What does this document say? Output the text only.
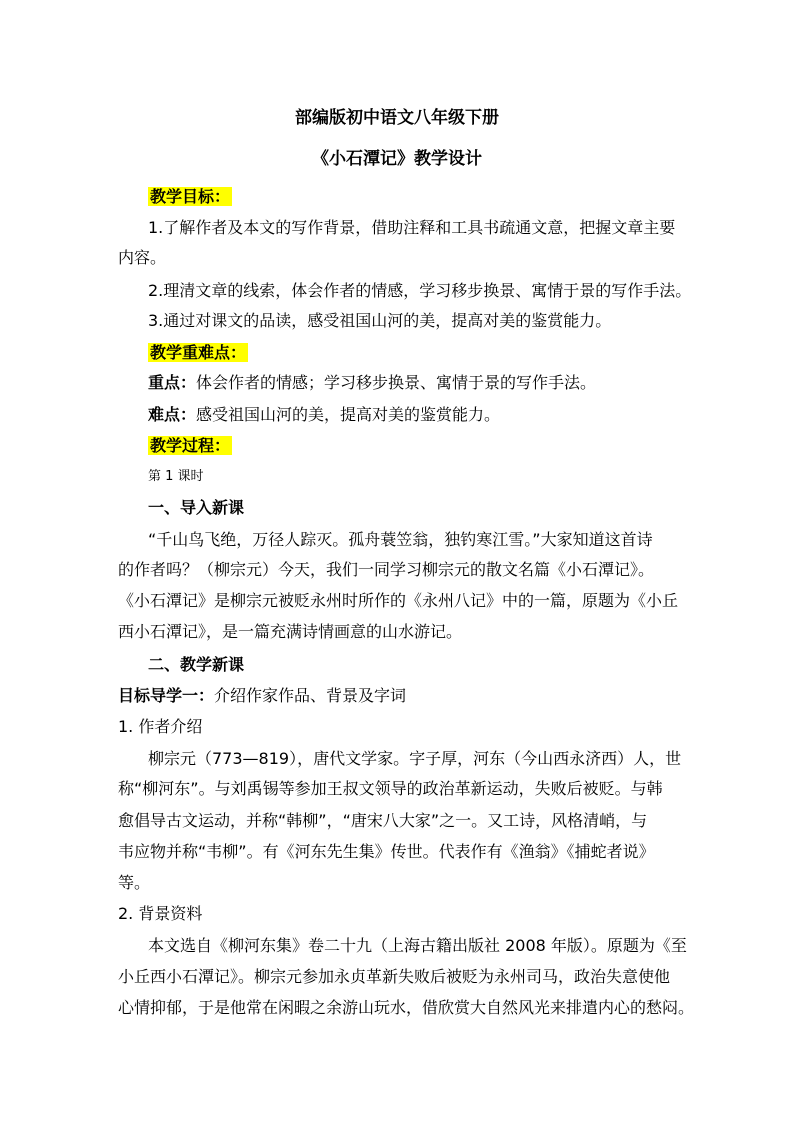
部编版初中语文八年级下册
《小石潭记》教学设计
教学目标：
1.了解作者及本文的写作背景，借助注释和工具书疏通文意，把握文章主要
内容。
2.理清文章的线索，体会作者的情感，学习移步换景、寓情于景的写作手法。
3.通过对课文的品读，感受祖国山河的美，提高对美的鉴赏能力。
教学重难点：
重点：体会作者的情感；学习移步换景、寓情于景的写作手法。
难点：感受祖国山河的美，提高对美的鉴赏能力。
教学过程：
第 1 课时
一、导入新课
“千山鸟飞绝，万径人踪灭。孤舟蓑笠翁，独钓寒江雪。”大家知道这首诗
的作者吗？（柳宗元）今天，我们一同学习柳宗元的散文名篇《小石潭记》。
《小石潭记》是柳宗元被贬永州时所作的《永州八记》中的一篇，原题为《小丘
西小石潭记》，是一篇充满诗情画意的山水游记。
二、教学新课
目标导学一：介绍作家作品、背景及字词
1. 作者介绍
柳宗元（773—819），唐代文学家。字子厚，河东（今山西永济西）人，世
称“柳河东”。与刘禹锡等参加王叔文领导的政治革新运动，失败后被贬。与韩
愈倡导古文运动，并称“韩柳”，“唐宋八大家”之一。又工诗，风格清峭，与
韦应物并称“韦柳”。有《河东先生集》传世。代表作有《渔翁》《捕蛇者说》
等。
2. 背景资料
本文选自《柳河东集》卷二十九（上海古籍出版社 2008 年版）。原题为《至
小丘西小石潭记》。柳宗元参加永贞革新失败后被贬为永州司马，政治失意使他
心情抑郁，于是他常在闲暇之余游山玩水，借欣赏大自然风光来排遣内心的愁闷。
